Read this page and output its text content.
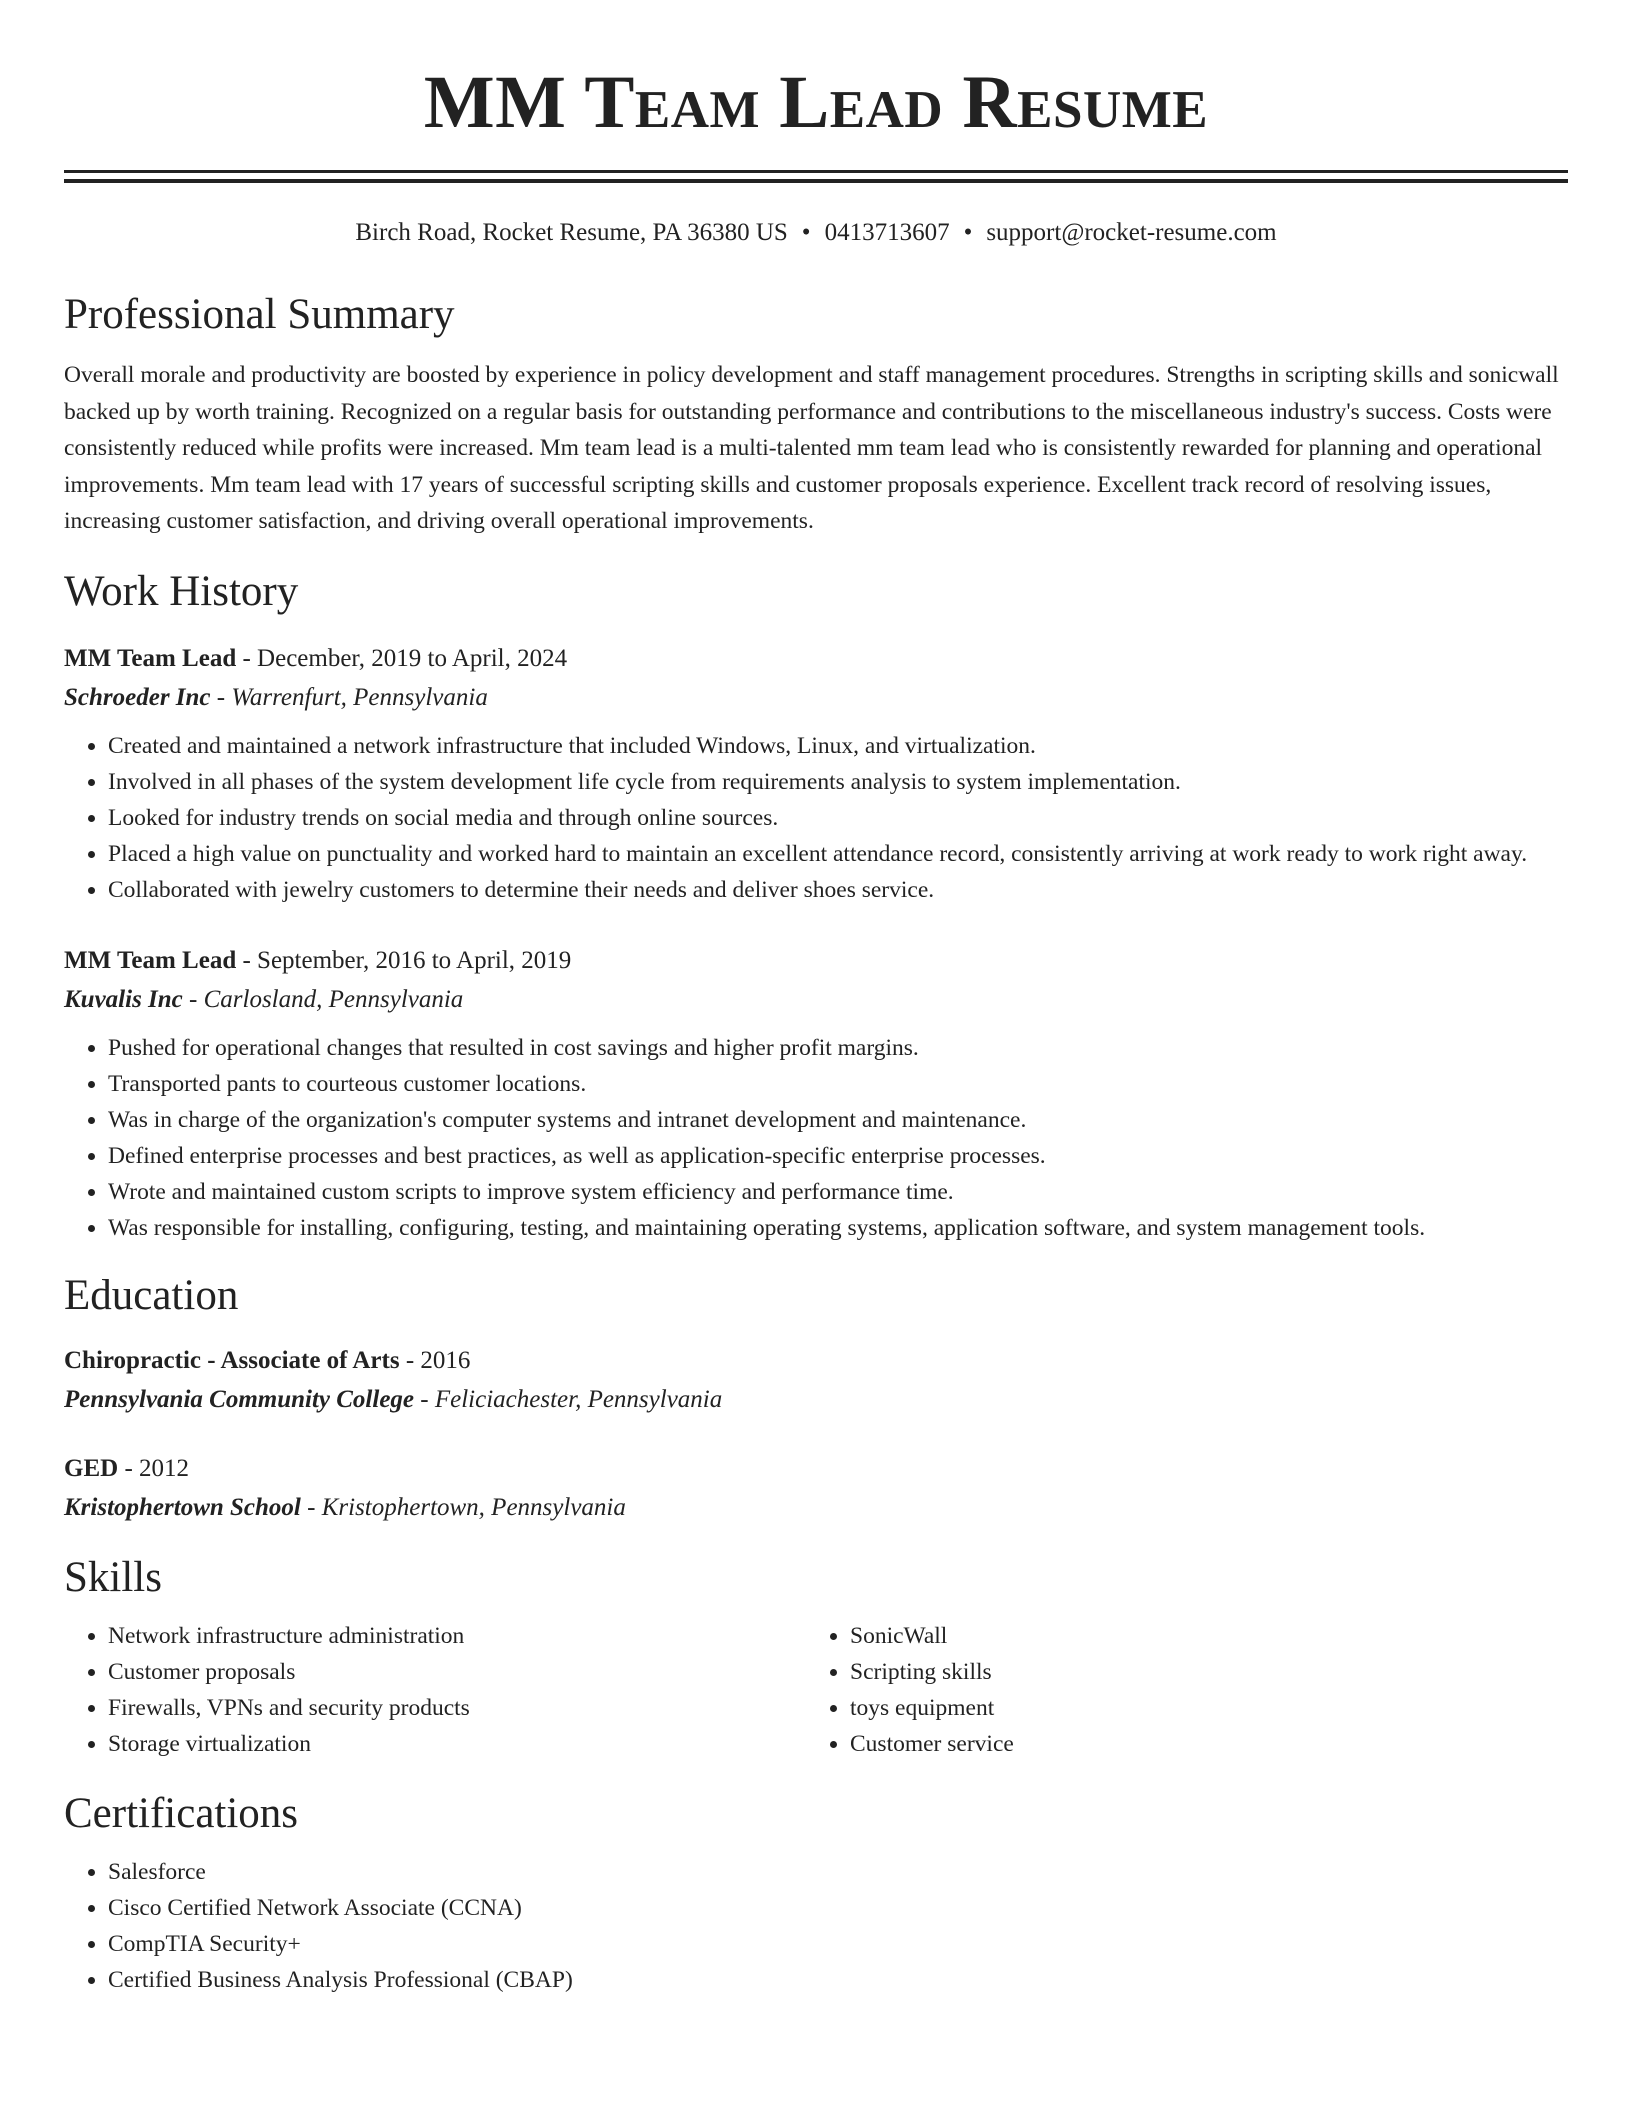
MM Team Lead Resume
Birch Road, Rocket Resume, PA 36380 US • 0413713607 • support@rocket-resume.com
Professional Summary

Overall morale and productivity are boosted by experience in policy development and staff management procedures. Strengths in scripting skills and sonicwall backed up by worth training. Recognized on a regular basis for outstanding performance and contributions to the miscellaneous industry's success. Costs were consistently reduced while profits were increased. Mm team lead is a multi-talented mm team lead who is consistently rewarded for planning and operational improvements. Mm team lead with 17 years of successful scripting skills and customer proposals experience. Excellent track record of resolving issues, increasing customer satisfaction, and driving overall operational improvements.

Work History
MM Team Lead - December, 2019 to April, 2024
Schroeder Inc - Warrenfurt, Pennsylvania
• Created and maintained a network infrastructure that included Windows, Linux, and virtualization.
• Involved in all phases of the system development life cycle from requirements analysis to system implementation.
• Looked for industry trends on social media and through online sources.
• Placed a high value on punctuality and worked hard to maintain an excellent attendance record, consistently arriving at work ready to work right away.
• Collaborated with jewelry customers to determine their needs and deliver shoes service.
MM Team Lead - September, 2016 to April, 2019
Kuvalis Inc - Carlosland, Pennsylvania
• Pushed for operational changes that resulted in cost savings and higher profit margins.
• Transported pants to courteous customer locations.
• Was in charge of the organization's computer systems and intranet development and maintenance.
• Defined enterprise processes and best practices, as well as application-specific enterprise processes.
• Wrote and maintained custom scripts to improve system efficiency and performance time.
• Was responsible for installing, configuring, testing, and maintaining operating systems, application software, and system management tools.
Education
Chiropractic - Associate of Arts - 2016
Pennsylvania Community College - Feliciachester, Pennsylvania
GED - 2012
Kristophertown School - Kristophertown, Pennsylvania
Skills
• Network infrastructure administration
• Customer proposals
• Firewalls, VPNs and security products
• Storage virtualization
• SonicWall
• Scripting skills
• toys equipment
• Customer service
Certifications
• Salesforce
• Cisco Certified Network Associate (CCNA)
• CompTIA Security+
• Certified Business Analysis Professional (CBAP)
